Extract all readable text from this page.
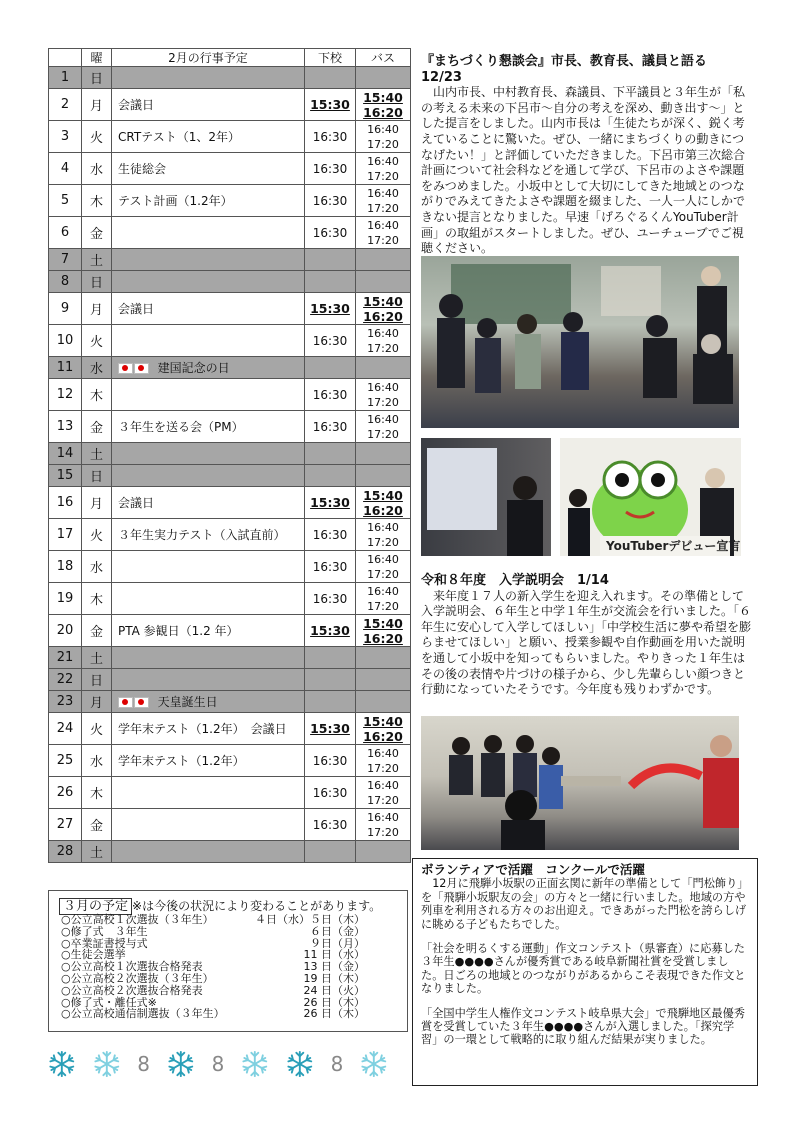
	曜	2月の行事予定	下校	バス
1	日			
2	月	会議日	15:30	15:40
16:20

3	火	CRTテスト（1、2年）	16:30	16:40
17:20

4	水	生徒総会	16:30	16:40
17:20

5	木	テスト計画（1.2年）	16:30	16:40
17:20

6	金		16:30	16:40
17:20

7	土			
8	日			
9	月	会議日	15:30	15:40
16:20

10	火		16:30	16:40
17:20

11	水	建国記念の日		
12	木		16:30	16:40
17:20

13	金	３年生を送る会（PM）	16:30	16:40
17:20

14	土			
15	日			
16	月	会議日	15:30	15:40
16:20

17	火	３年生実力テスト（入試直前）	16:30	16:40
17:20

18	水		16:30	16:40
17:20

19	木		16:30	16:40
17:20

20	金	PTA 参観日（1.2 年）	15:30	15:40
16:20

21	土			
22	日			
23	月	天皇誕生日		
24	火	学年末テスト（1.2年）　会議日	15:30	15:40
16:20

25	水	学年末テスト（1.2年）	16:30	16:40
17:20

26	木		16:30	16:40
17:20

27	金		16:30	16:40
17:20

28	土			
３月の予定 ※は今後の状況により変わることがあります。
○公立高校１次選抜（３年生）	４日（水）５日（木）
○修了式　３年生	６日（金）
○卒業証書授与式	９日（月）
○生徒会選挙	11 日（水）
○公立高校１次選抜合格発表	13 日（金）
○公立高校２次選抜（３年生）	19 日（木）
○公立高校２次選抜合格発表	24 日（火）
○修了式・離任式※	26 日（木）
○公立高校通信制選抜（３年生）	26 日（木）
8	8	8
『まちづくり懇談会』市長、教育長、議員と語る 12/23
　山内市長、中村教育長、森議員、下平議員と３年生が「私の考える未来の下呂市～自分の考えを深め、動き出す～」とした提言をしました。山内市長は「生徒たちが深く、鋭く考えていることに驚いた。ぜひ、一緒にまちづくりの動きにつなげたい！」と評価していただきました。下呂市第三次総合計画について社会科などを通して学び、下呂市のよさや課題をみつめました。小坂中として大切にしてきた地域とのつながりでみえてきたよさや課題を綴ました、一人一人にしかできない提言となりました。早速「げろぐるくんYouTuber計画」の取組がスタートしました。ぜひ、ユーチューブでご視聴ください。
YouTuberデビュー宣言
令和８年度　入学説明会　1/14
　来年度１７人の新入学生を迎え入れます。その準備として入学説明会、６年生と中学１年生が交流会を行いました。「６年生に安心して入学してほしい」「中学校生活に夢や希望を膨らませてほしい」と願い、授業参観や自作動画を用いた説明を通して小坂中を知ってもらいました。やりきった１年生はその後の表情や片づけの様子から、少し先輩らしい顔つきと行動になっていたそうです。今年度も残りわずかです。
ボランティアで活躍　コンクールで活躍

　12月に飛騨小坂駅の正面玄関に新年の準備として「門松飾り」を「飛騨小坂駅友の会」の方々と一緒に行いました。地域の方や列車を利用される方々のお出迎え。できあがった門松を誇らしげに眺める子どもたちでした。

「社会を明るくする運動」作文コンテスト（県審査）に応募した３年生●●●●さんが優秀賞である岐阜新聞社賞を受賞しました。日ごろの地域とのつながりがあるからこそ表現できた作文となりました。

「全国中学生人権作文コンテスト岐阜県大会」で飛騨地区最優秀賞を受賞していた３年生●●●●さんが入選しました。「探究学習」の一環として戦略的に取り組んだ結果が実りました。
